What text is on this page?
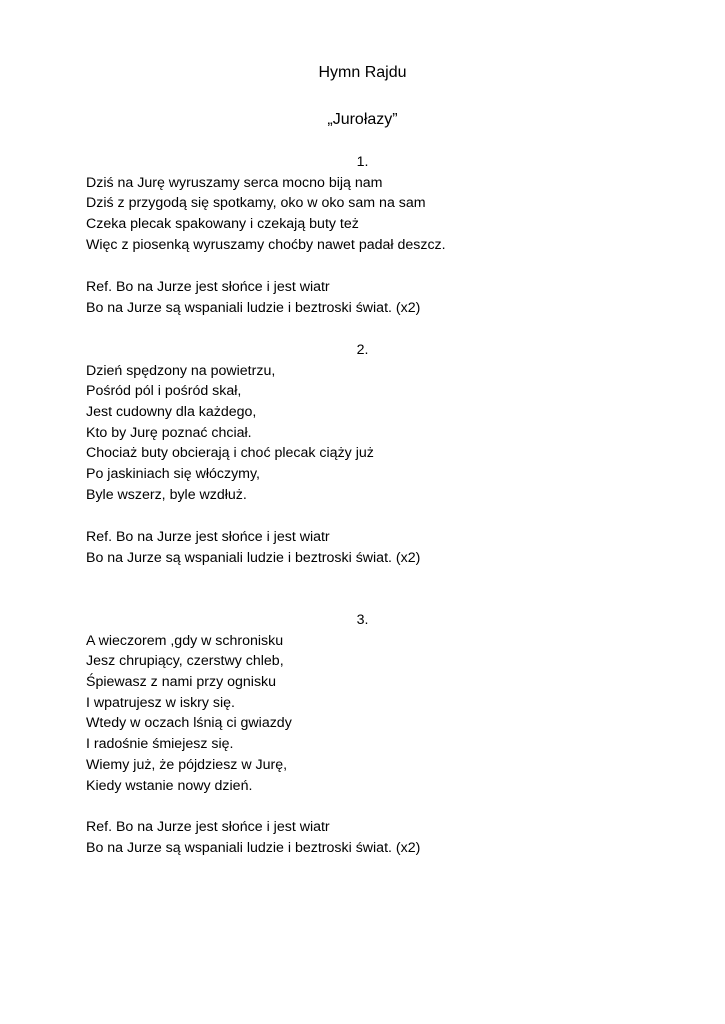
Hymn Rajdu
„Jurołazy”
1.
Dziś na Jurę wyruszamy serca mocno biją nam
Dziś z przygodą się spotkamy, oko w oko sam na sam
Czeka plecak spakowany i czekają buty też
Więc z piosenką wyruszamy choćby nawet padał deszcz.
Ref. Bo na Jurze jest słońce i jest wiatr
Bo na Jurze są wspaniali ludzie i beztroski świat. (x2)
2.
Dzień spędzony na powietrzu,
Pośród pól i pośród skał,
Jest cudowny dla każdego,
Kto by Jurę poznać chciał.
Chociaż buty obcierają i choć plecak ciąży już
Po jaskiniach się włóczymy,
Byle wszerz, byle wzdłuż.
Ref. Bo na Jurze jest słońce i jest wiatr
Bo na Jurze są wspaniali ludzie i beztroski świat. (x2)
3.
A wieczorem ,gdy w schronisku
Jesz chrupiący, czerstwy chleb,
Śpiewasz z nami przy ognisku
I wpatrujesz w iskry się.
Wtedy w oczach lśnią ci gwiazdy
I radośnie śmiejesz się.
Wiemy już, że pójdziesz w Jurę,
Kiedy wstanie nowy dzień.
Ref. Bo na Jurze jest słońce i jest wiatr
Bo na Jurze są wspaniali ludzie i beztroski świat. (x2)
